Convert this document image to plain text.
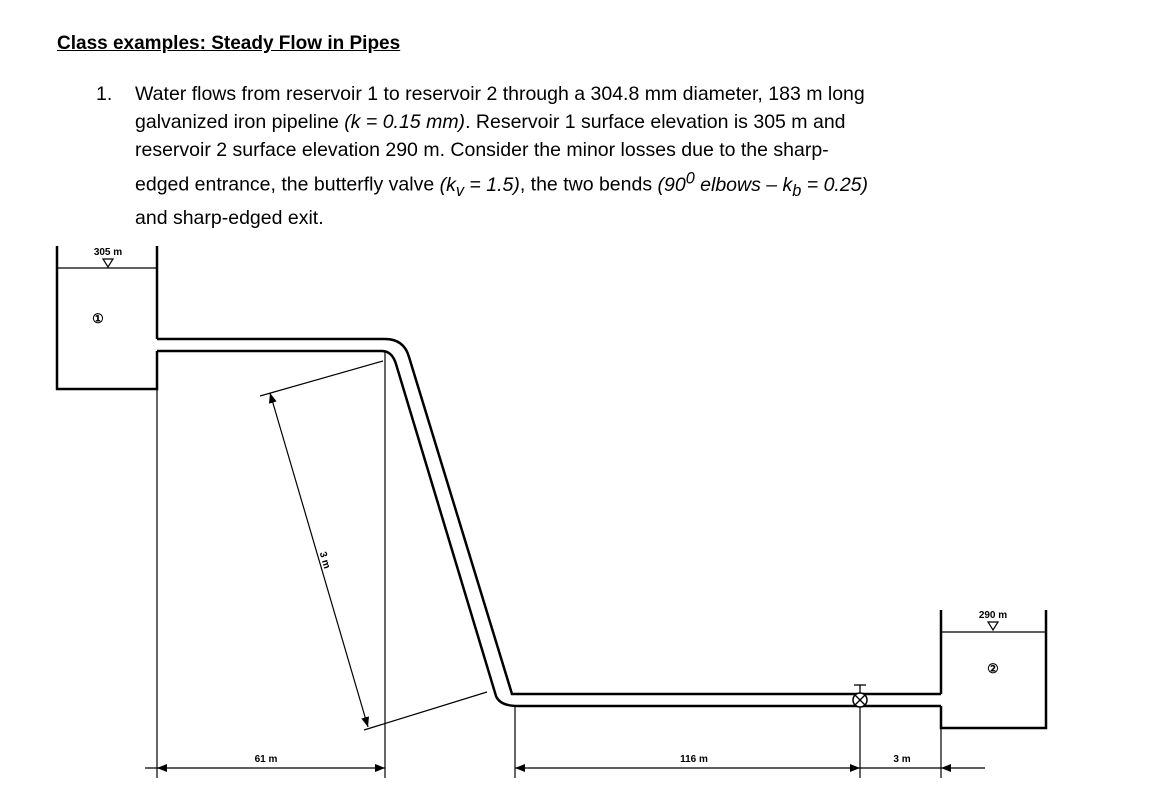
Class examples: Steady Flow in Pipes
1. Water flows from reservoir 1 to reservoir 2 through a 304.8 mm diameter, 183 m long
galvanized iron pipeline (k = 0.15 mm). Reservoir 1 surface elevation is 305 m and
reservoir 2 surface elevation 290 m. Consider the minor losses due to the sharp-
edged entrance, the butterfly valve $(k_v = 1.5)$, the two bends ($90^0$ elbows – $k_b = 0.25$)
and sharp-edged exit.
305 m
①
290 m
②
3 m
61 m	116 m	3 m
